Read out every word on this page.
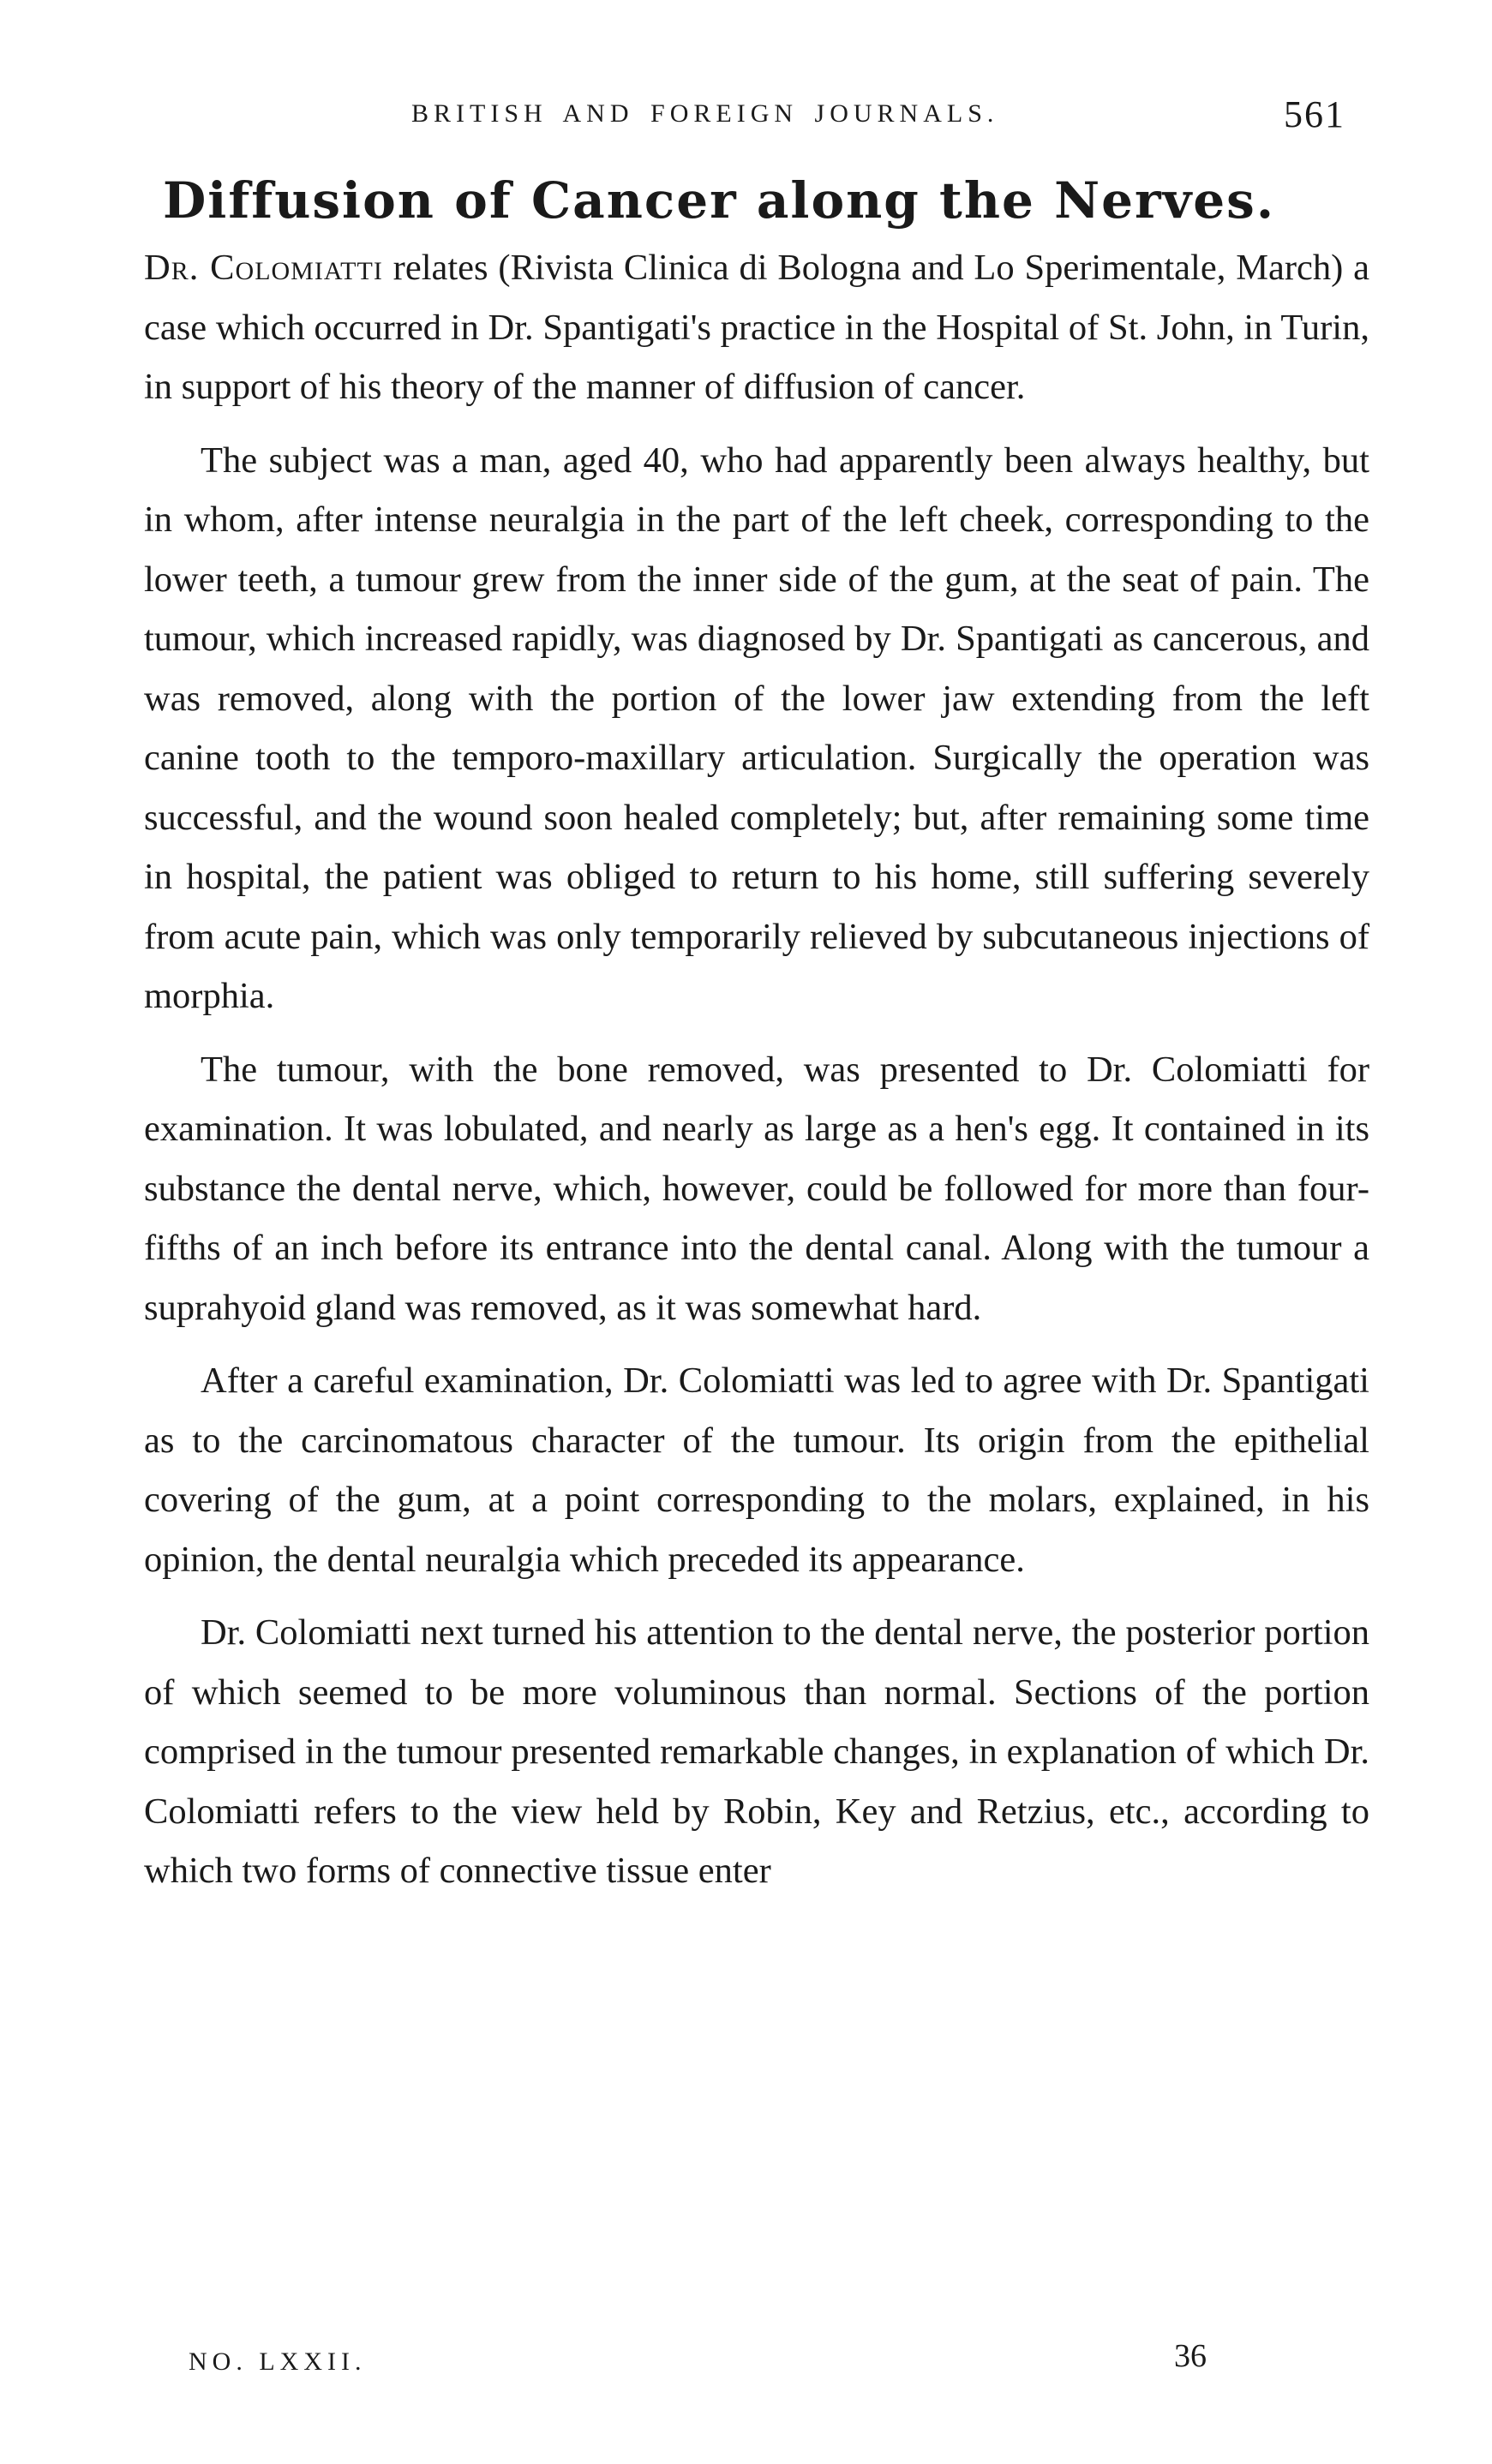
BRITISH AND FOREIGN JOURNALS.	561
Diffusion of Cancer along the Nerves.

Dr. Colomiatti relates (Rivista Clinica di Bologna and Lo Sperimentale, March) a case which occurred in Dr. Spantigati's practice in the Hospital of St. John, in Turin, in support of his theory of the manner of diffusion of cancer.

The subject was a man, aged 40, who had apparently been always healthy, but in whom, after intense neuralgia in the part of the left cheek, corresponding to the lower teeth, a tumour grew from the inner side of the gum, at the seat of pain. The tumour, which increased rapidly, was diagnosed by Dr. Spantigati as cancerous, and was removed, along with the portion of the lower jaw extending from the left canine tooth to the temporo-maxillary articulation. Surgically the operation was successful, and the wound soon healed completely; but, after remaining some time in hospital, the patient was obliged to return to his home, still suffering severely from acute pain, which was only temporarily relieved by subcutaneous injections of morphia.

The tumour, with the bone removed, was presented to Dr. Colomiatti for examination. It was lobulated, and nearly as large as a hen's egg. It contained in its substance the dental nerve, which, however, could be followed for more than four-fifths of an inch before its entrance into the dental canal. Along with the tumour a suprahyoid gland was removed, as it was somewhat hard.

After a careful examination, Dr. Colomiatti was led to agree with Dr. Spantigati as to the carcinomatous character of the tumour. Its origin from the epithelial covering of the gum, at a point corresponding to the molars, explained, in his opinion, the dental neuralgia which preceded its appearance.

Dr. Colomiatti next turned his attention to the dental nerve, the posterior portion of which seemed to be more voluminous than normal. Sections of the portion comprised in the tumour presented remarkable changes, in explanation of which Dr. Colomiatti refers to the view held by Robin, Key and Retzius, etc., according to which two forms of connective tissue enter

NO. LXXII.	36
